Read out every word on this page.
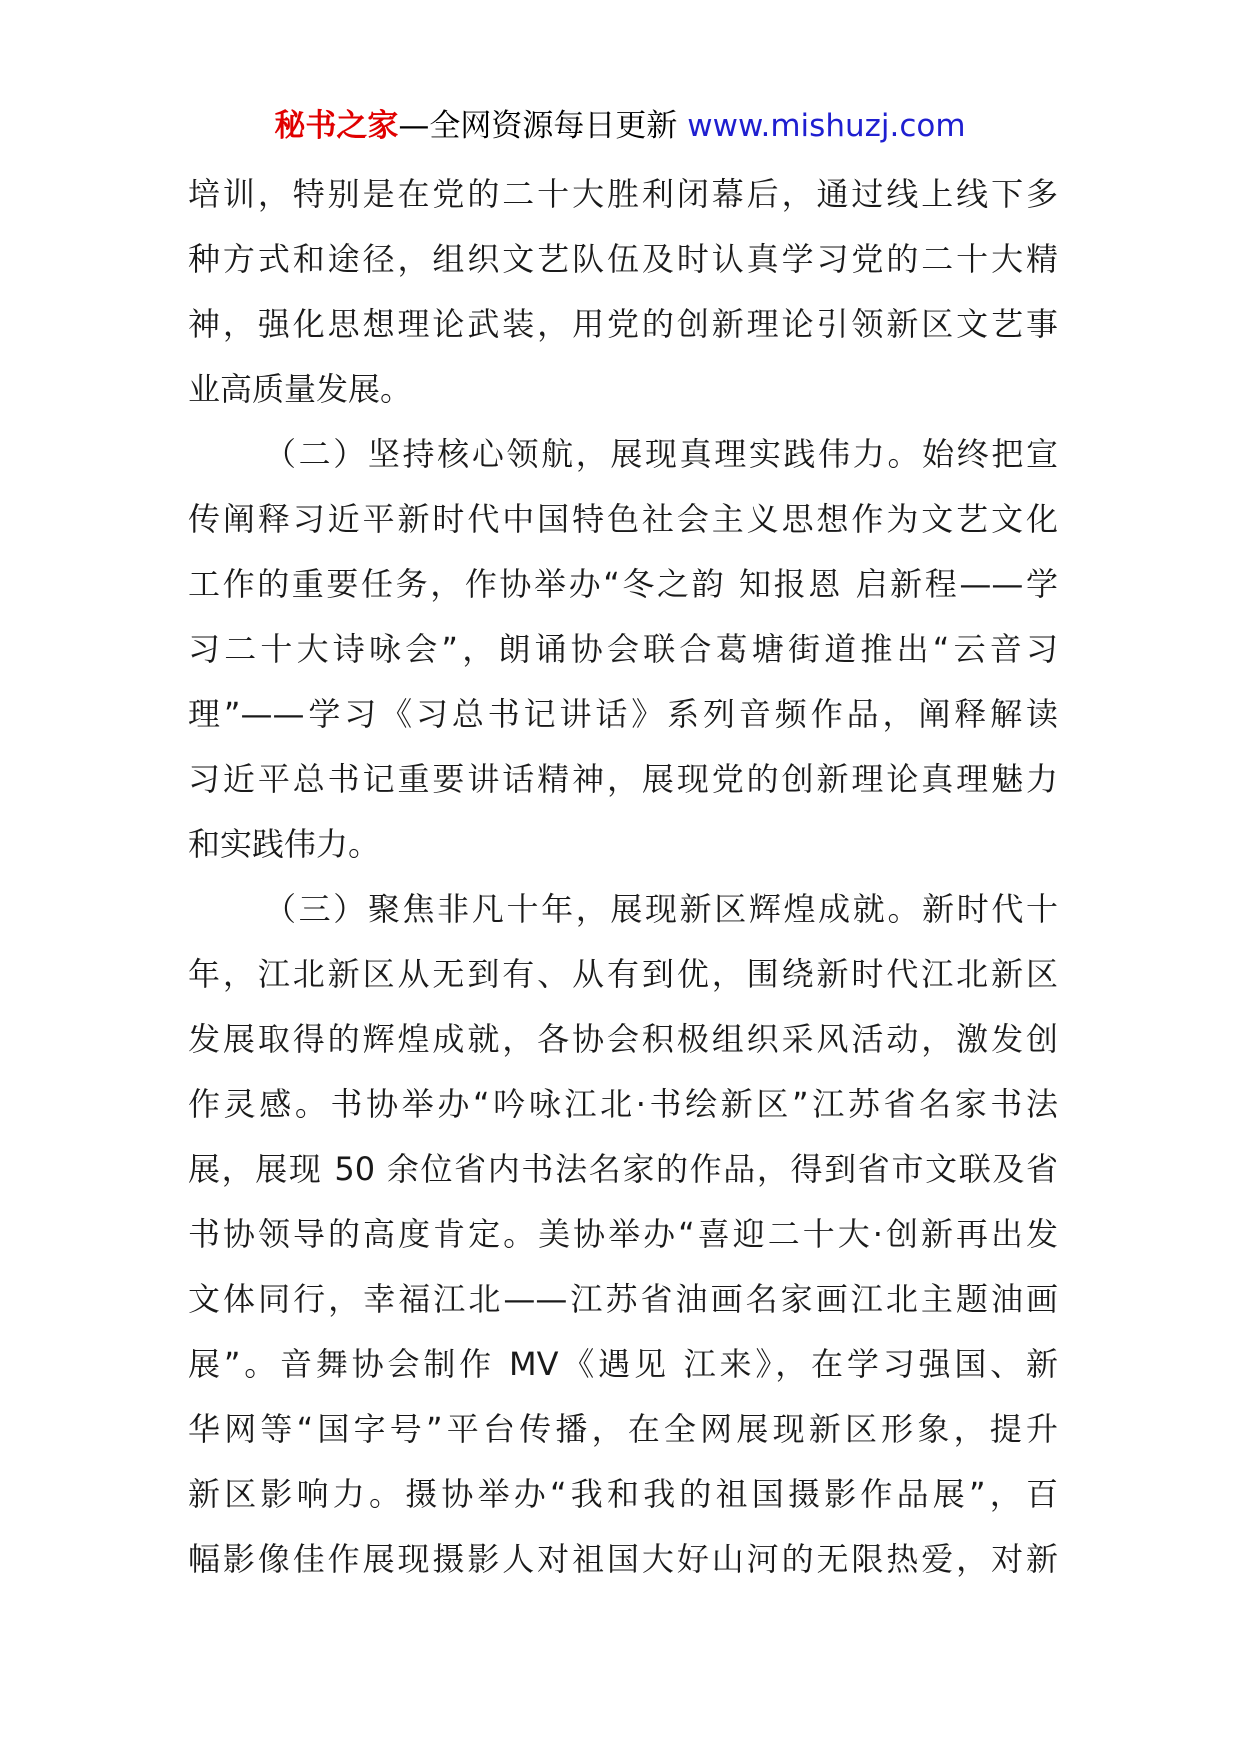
秘书之家—全网资源每日更新 www.mishuzj.com
培训，特别是在党的二十大胜利闭幕后，通过线上线下多
种方式和途径，组织文艺队伍及时认真学习党的二十大精
神，强化思想理论武装，用党的创新理论引领新区文艺事
业高质量发展。
（二）坚持核心领航，展现真理实践伟力。始终把宣
传阐释习近平新时代中国特色社会主义思想作为文艺文化
工作的重要任务，作协举办“冬之韵 知报恩 启新程——学
习二十大诗咏会”，朗诵协会联合葛塘街道推出“云音习
理”——学习《习总书记讲话》系列音频作品，阐释解读
习近平总书记重要讲话精神，展现党的创新理论真理魅力
和实践伟力。
（三）聚焦非凡十年，展现新区辉煌成就。新时代十
年，江北新区从无到有、从有到优，围绕新时代江北新区
发展取得的辉煌成就，各协会积极组织采风活动，激发创
作灵感。书协举办“吟咏江北·书绘新区”江苏省名家书法
展，展现 50 余位省内书法名家的作品，得到省市文联及省
书协领导的高度肯定。美协举办“喜迎二十大·创新再出发
文体同行，幸福江北——江苏省油画名家画江北主题油画
展”。音舞协会制作 MV《遇见 江来》，在学习强国、新
华网等“国字号”平台传播，在全网展现新区形象，提升
新区影响力。摄协举办“我和我的祖国摄影作品展”，百
幅影像佳作展现摄影人对祖国大好山河的无限热爱，对新
